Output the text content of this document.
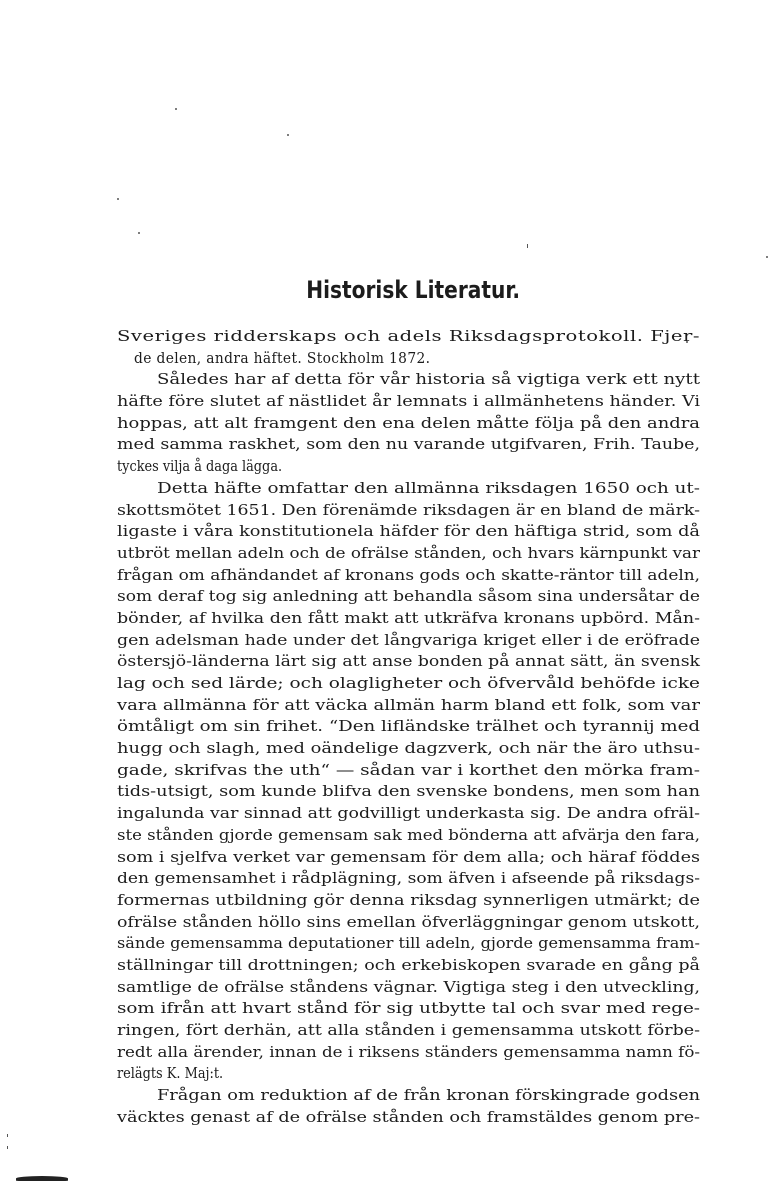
Historisk Literatur.
Sveriges ridderskaps och adels Riksdagsprotokoll. Fjer-
de delen, andra häftet. Stockholm 1872.
Således har af detta för vår historia så vigtiga verk ett nytt
häfte före slutet af nästlidet år lemnats i allmänhetens händer. Vi
hoppas, att alt framgent den ena delen måtte följa på den andra
med samma raskhet, som den nu varande utgifvaren, Frih. Taube,
tyckes vilja å daga lägga.
Detta häfte omfattar den allmänna riksdagen 1650 och ut-
skottsmötet 1651. Den förenämde riksdagen är en bland de märk-
ligaste i våra konstitutionela häfder för den häftiga strid, som då
utbröt mellan adeln och de ofrälse stånden, och hvars kärnpunkt var
frågan om afhändandet af kronans gods och skatte-räntor till adeln,
som deraf tog sig anledning att behandla såsom sina undersåtar de
bönder, af hvilka den fått makt att utkräfva kronans upbörd. Mån-
gen adelsman hade under det långvariga kriget eller i de eröfrade
östersjö-länderna lärt sig att anse bonden på annat sätt, än svensk
lag och sed lärde; och olagligheter och öfvervåld behöfde icke
vara allmänna för att väcka allmän harm bland ett folk, som var
ömtåligt om sin frihet. “Den lifländske trälhet och tyrannij med
hugg och slagh, med oändelige dagzverk, och när the äro uthsu-
gade, skrifvas the uth“ — sådan var i korthet den mörka fram-
tids-utsigt, som kunde blifva den svenske bondens, men som han
ingalunda var sinnad att godvilligt underkasta sig. De andra ofräl-
ste stånden gjorde gemensam sak med bönderna att afvärja den fara,
som i sjelfva verket var gemensam för dem alla; och häraf föddes
den gemensamhet i rådplägning, som äfven i afseende på riksdags-
formernas utbildning gör denna riksdag synnerligen utmärkt; de
ofrälse stånden höllo sins emellan öfverläggningar genom utskott,
sände gemensamma deputationer till adeln, gjorde gemensamma fram-
ställningar till drottningen; och erkebiskopen svarade en gång på
samtlige de ofrälse ståndens vägnar. Vigtiga steg i den utveckling,
som ifrån att hvart stånd för sig utbytte tal och svar med rege-
ringen, fört derhän, att alla stånden i gemensamma utskott förbe-
redt alla ärender, innan de i riksens ständers gemensamma namn fö-
relägts K. Maj:t.
Frågan om reduktion af de från kronan förskingrade godsen
väcktes genast af de ofrälse stånden och framstäldes genom pre-
